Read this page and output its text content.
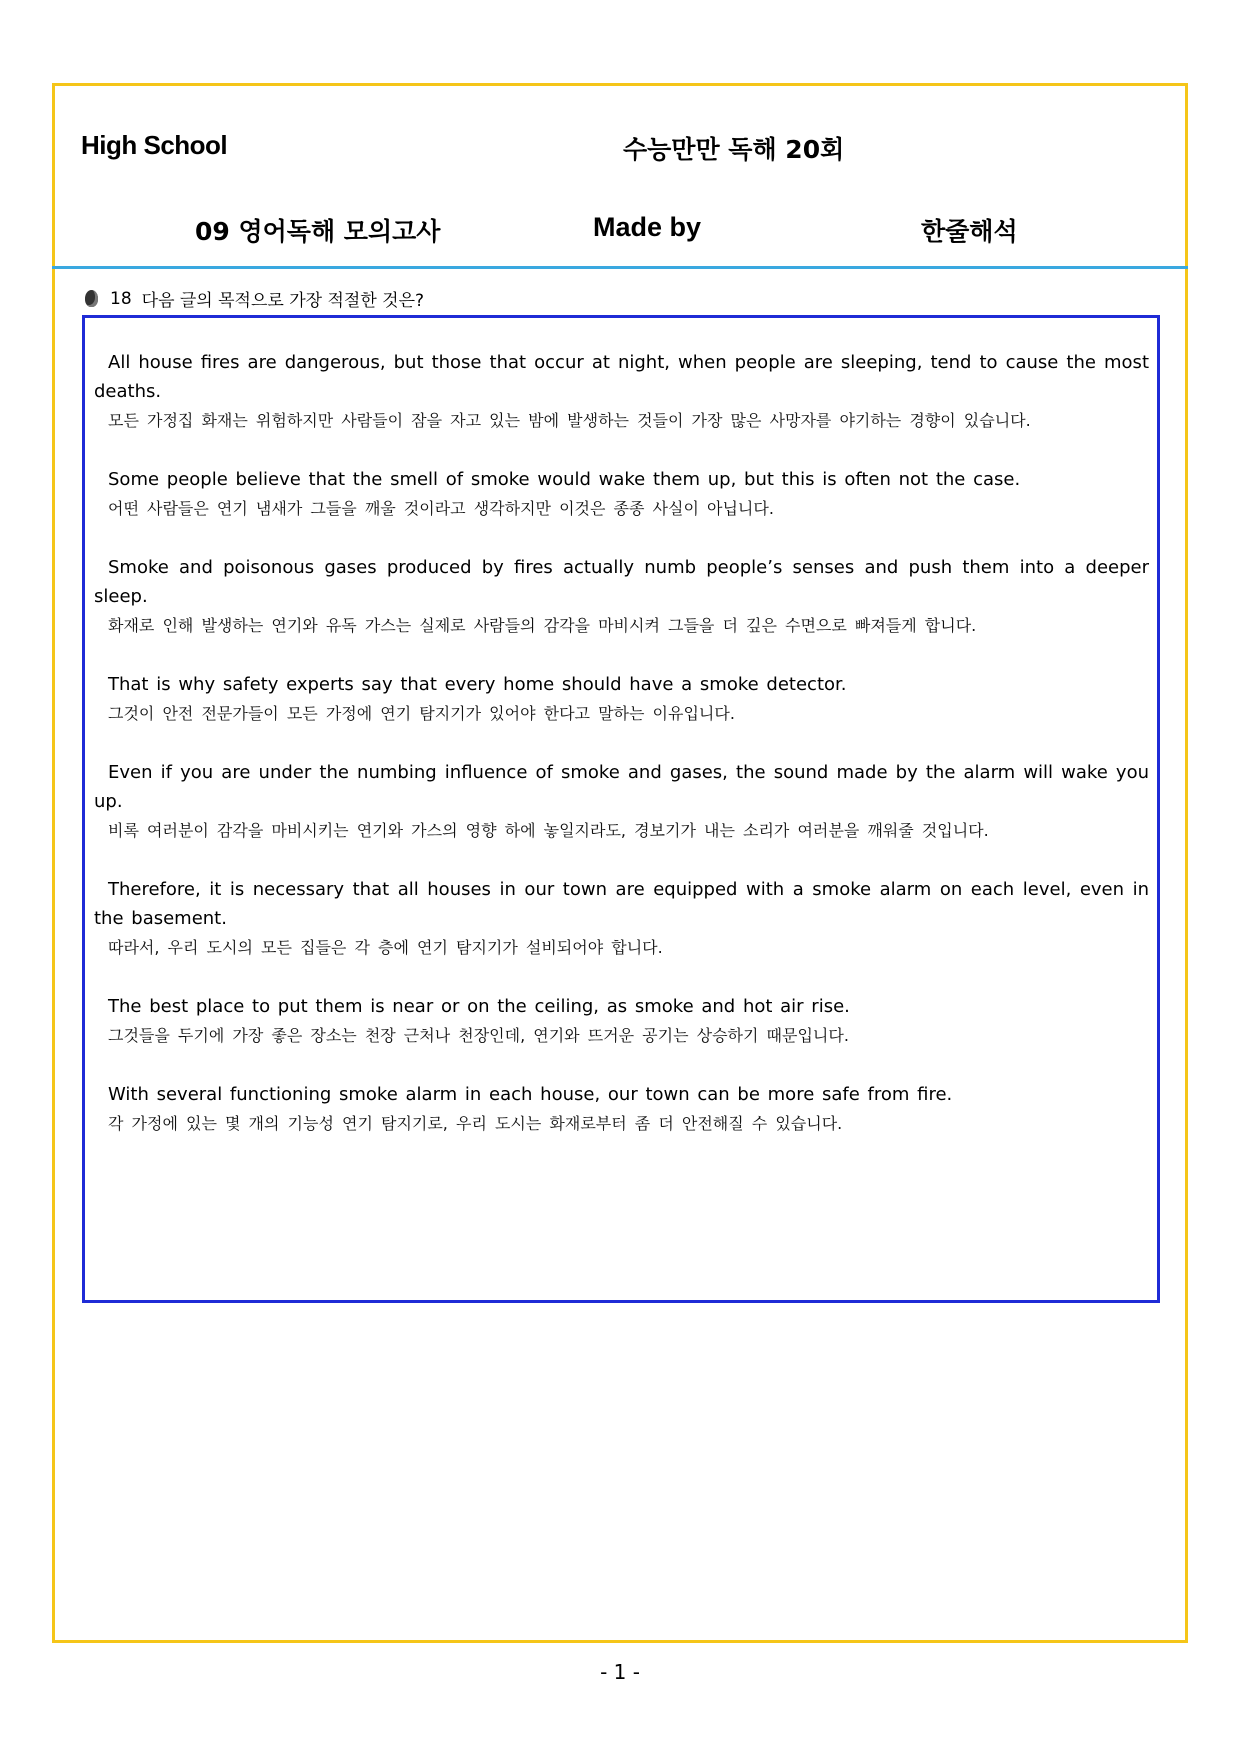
High School	수능만만 독해 20회
09 영어독해 모의고사	Made by	한줄해석
18 다음 글의 목적으로 가장 적절한 것은?
All house fires are dangerous, but those that occur at night, when people are sleeping, tend to cause the most deaths.
모든 가정집 화재는 위험하지만 사람들이 잠을 자고 있는 밤에 발생하는 것들이 가장 많은 사망자를 야기하는 경향이 있습니다.
Some people believe that the smell of smoke would wake them up, but this is often not the case.
어떤 사람들은 연기 냄새가 그들을 깨울 것이라고 생각하지만 이것은 종종 사실이 아닙니다.
Smoke and poisonous gases produced by fires actually numb people’s senses and push them into a deeper sleep.
화재로 인해 발생하는 연기와 유독 가스는 실제로 사람들의 감각을 마비시켜 그들을 더 깊은 수면으로 빠져들게 합니다.
That is why safety experts say that every home should have a smoke detector.
그것이 안전 전문가들이 모든 가정에 연기 탐지기가 있어야 한다고 말하는 이유입니다.
Even if you are under the numbing influence of smoke and gases, the sound made by the alarm will wake you up.
비록 여러분이 감각을 마비시키는 연기와 가스의 영향 하에 놓일지라도, 경보기가 내는 소리가 여러분을 깨워줄 것입니다.
Therefore, it is necessary that all houses in our town are equipped with a smoke alarm on each level, even in the basement.
따라서, 우리 도시의 모든 집들은 각 층에 연기 탐지기가 설비되어야 합니다.
The best place to put them is near or on the ceiling, as smoke and hot air rise.
그것들을 두기에 가장 좋은 장소는 천장 근처나 천장인데, 연기와 뜨거운 공기는 상승하기 때문입니다.
With several functioning smoke alarm in each house, our town can be more safe from fire.
각 가정에 있는 몇 개의 기능성 연기 탐지기로, 우리 도시는 화재로부터 좀 더 안전해질 수 있습니다.
- 1 -
